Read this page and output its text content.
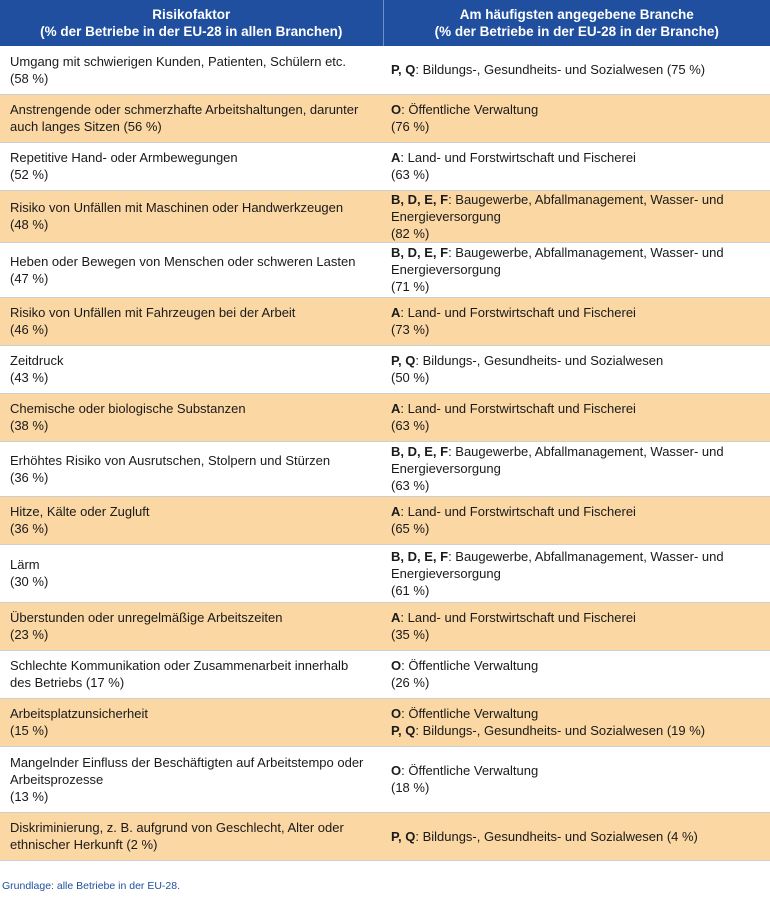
Risikofaktor
(% der Betriebe in der EU-28 in allen Branchen)	Am häufigsten angegebene Branche
(% der Betriebe in der EU-28 in der Branche)

Umgang mit schwierigen Kunden, Patienten, Schülern etc.
(58 %)	P, Q: Bildungs-, Gesundheits- und Sozialwesen (75 %)

Anstrengende oder schmerzhafte Arbeitshaltungen, darunter
auch langes Sitzen (56 %)	O: Öffentliche Verwaltung
(76 %)

Repetitive Hand- oder Armbewegungen
(52 %)	A: Land- und Forstwirtschaft und Fischerei
(63 %)

Risiko von Unfällen mit Maschinen oder Handwerkzeugen
(48 %)	B, D, E, F: Baugewerbe, Abfallmanagement, Wasser- und
Energieversorgung
(82 %)

Heben oder Bewegen von Menschen oder schweren Lasten
(47 %)	B, D, E, F: Baugewerbe, Abfallmanagement, Wasser- und
Energieversorgung
(71 %)

Risiko von Unfällen mit Fahrzeugen bei der Arbeit
(46 %)	A: Land- und Forstwirtschaft und Fischerei
(73 %)

Zeitdruck
(43 %)	P, Q: Bildungs-, Gesundheits- und Sozialwesen
(50 %)

Chemische oder biologische Substanzen
(38 %)	A: Land- und Forstwirtschaft und Fischerei
(63 %)

Erhöhtes Risiko von Ausrutschen, Stolpern und Stürzen
(36 %)	B, D, E, F: Baugewerbe, Abfallmanagement, Wasser- und
Energieversorgung
(63 %)

Hitze, Kälte oder Zugluft
(36 %)	A: Land- und Forstwirtschaft und Fischerei
(65 %)

Lärm
(30 %)	B, D, E, F: Baugewerbe, Abfallmanagement, Wasser- und
Energieversorgung
(61 %)

Überstunden oder unregelmäßige Arbeitszeiten
(23 %)	A: Land- und Forstwirtschaft und Fischerei
(35 %)

Schlechte Kommunikation oder Zusammenarbeit innerhalb
des Betriebs (17 %)	O: Öffentliche Verwaltung
(26 %)

Arbeitsplatzunsicherheit
(15 %)	O: Öffentliche Verwaltung
P, Q: Bildungs-, Gesundheits- und Sozialwesen (19 %)

Mangelnder Einfluss der Beschäftigten auf Arbeitstempo oder
Arbeitsprozesse
(13 %)	O: Öffentliche Verwaltung
(18 %)

Diskriminierung, z. B. aufgrund von Geschlecht, Alter oder
ethnischer Herkunft (2 %)	P, Q: Bildungs-, Gesundheits- und Sozialwesen (4 %)
Grundlage: alle Betriebe in der EU-28.
